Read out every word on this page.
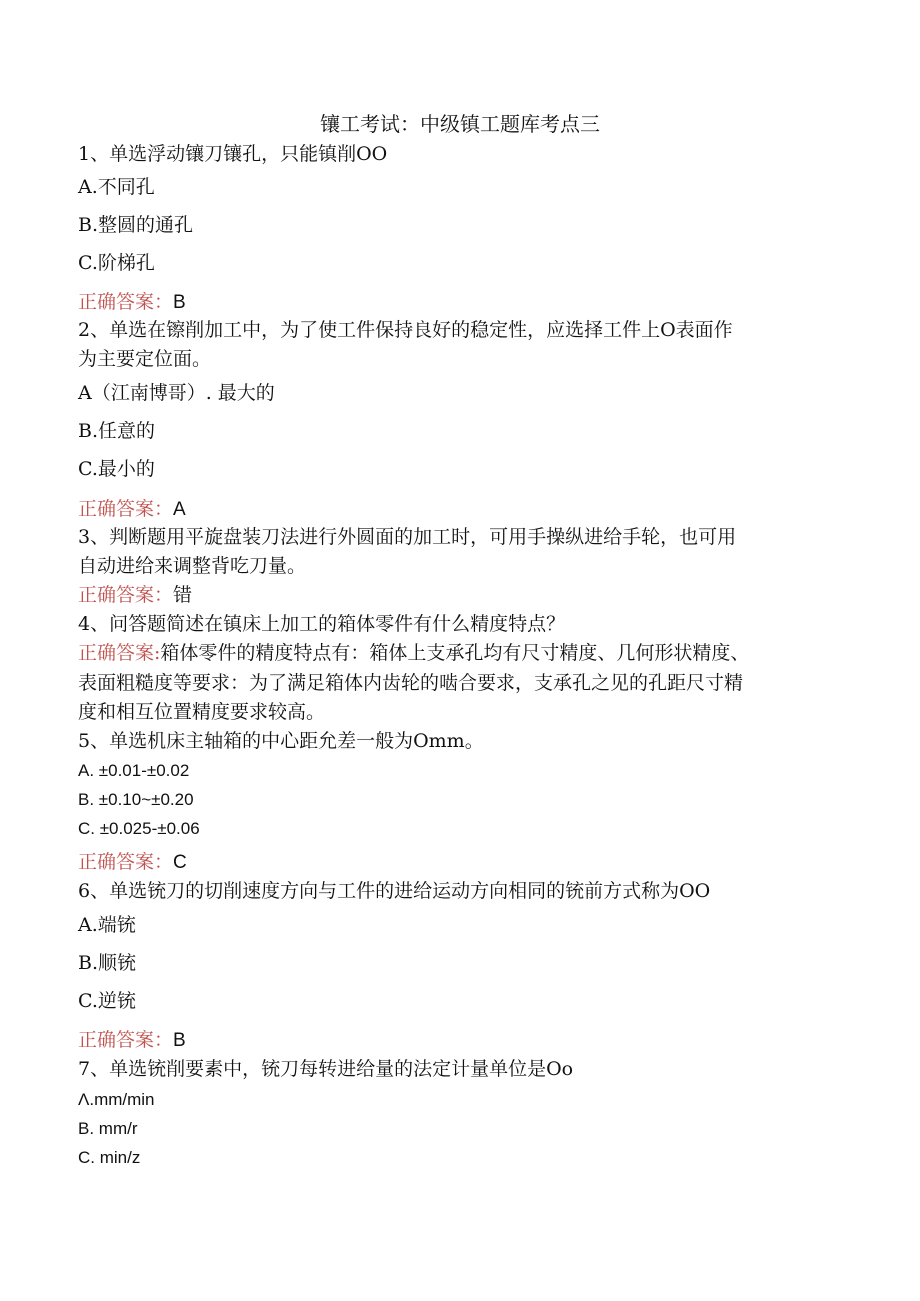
镶工考试：中级镇工题库考点三
1、单选浮动镶刀镶孔，只能镇削OO
A.不同孔
B.整圆的通孔
C.阶梯孔
正确答案：B
2、单选在镲削加工中，为了使工件保持良好的稳定性，应选择工件上O表面作
为主要定位面。
A（江南博哥）. 最大的
B.任意的
C.最小的
正确答案：A
3、判断题用平旋盘装刀法进行外圆面的加工时，可用手操纵进给手轮，也可用
自动进给来调整背吃刀量。
正确答案：错
4、问答题简述在镇床上加工的箱体零件有什么精度特点？
正确答案:箱体零件的精度特点有：箱体上支承孔均有尺寸精度、几何形状精度、
表面粗糙度等要求：为了满足箱体内齿轮的啮合要求，支承孔之见的孔距尺寸精
度和相互位置精度要求较高。
5、单选机床主轴箱的中心距允差一般为Omm。
A. ±0.01-±0.02
B. ±0.10~±0.20
C. ±0.025-±0.06
正确答案：C
6、单选铳刀的切削速度方向与工件的进给运动方向相同的铳前方式称为OO
A.端铳
B.顺铳
C.逆铳
正确答案：B
7、单选铳削要素中，铳刀每转进给量的法定计量单位是Oo
Λ.mm/min
B. mm/r
C. min/z
